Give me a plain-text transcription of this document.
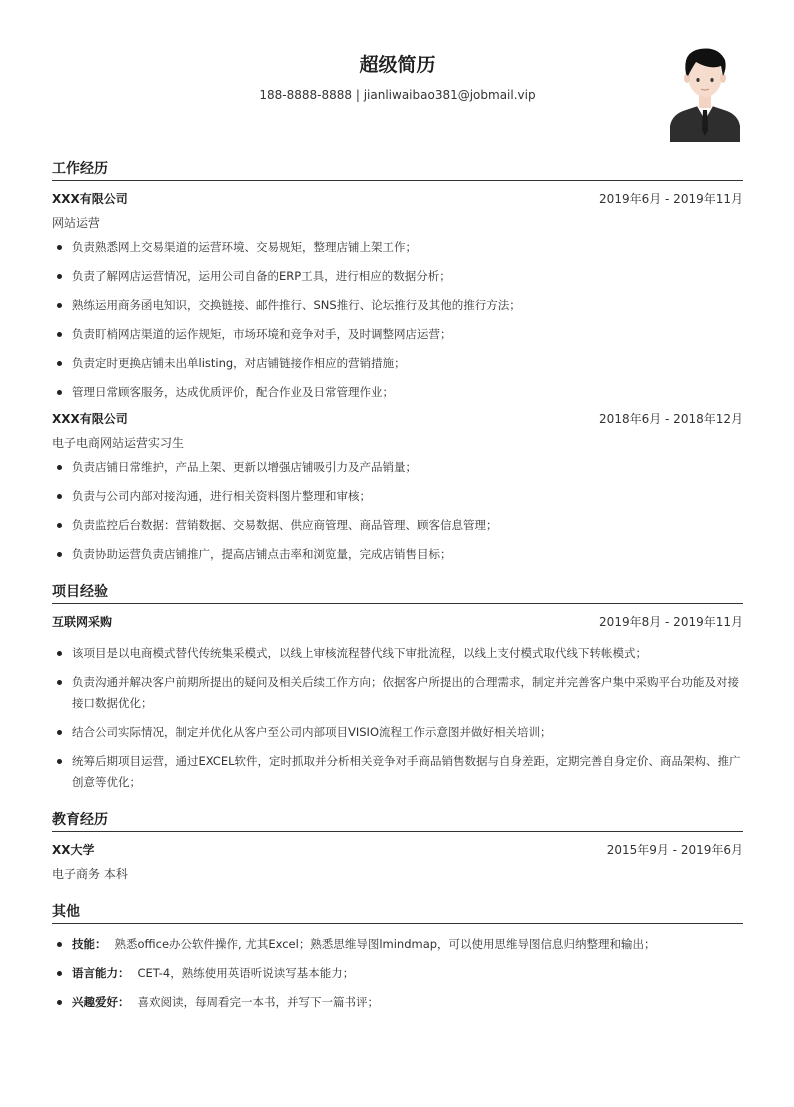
超级简历
188-8888-8888 | jianliwaibao381@jobmail.vip
工作经历
XXX有限公司	2019年6月 - 2019年11月
网站运营
负责熟悉网上交易渠道的运营环境、交易规矩，整理店铺上架工作；
负责了解网店运营情况，运用公司自备的ERP工具，进行相应的数据分析；
熟练运用商务函电知识，交换链接、邮件推行、SNS推行、论坛推行及其他的推行方法；
负责盯梢网店渠道的运作规矩，市场环境和竞争对手，及时调整网店运营；
负责定时更换店铺未出单listing，对店铺链接作相应的营销措施；
管理日常顾客服务，达成优质评价，配合作业及日常管理作业；
XXX有限公司	2018年6月 - 2018年12月
电子电商网站运营实习生
负责店铺日常维护，产品上架、更新以增强店铺吸引力及产品销量；
负责与公司内部对接沟通，进行相关资料图片整理和审核；
负责监控后台数据：营销数据、交易数据、供应商管理、商品管理、顾客信息管理；
负责协助运营负责店铺推广，提高店铺点击率和浏览量，完成店销售目标；
项目经验
互联网采购	2019年8月 - 2019年11月
该项目是以电商模式替代传统集采模式，以线上审核流程替代线下审批流程，以线上支付模式取代线下转帐模式；
负责沟通并解决客户前期所提出的疑问及相关后续工作方向；依据客户所提出的合理需求，制定并完善客户集中采购平台功能及对接接口数据优化；
结合公司实际情况，制定并优化从客户至公司内部项目VISIO流程工作示意图并做好相关培训；
统筹后期项目运营，通过EXCEL软件，定时抓取并分析相关竞争对手商品销售数据与自身差距，定期完善自身定价、商品架构、推广创意等优化；
教育经历
XX大学	2015年9月 - 2019年6月
电子商务 本科
其他
技能： 熟悉office办公软件操作, 尤其Excel；熟悉思维导图lmindmap，可以使用思维导图信息归纳整理和输出；
语言能力： CET-4，熟练使用英语听说读写基本能力；
兴趣爱好： 喜欢阅读，每周看完一本书，并写下一篇书评；
